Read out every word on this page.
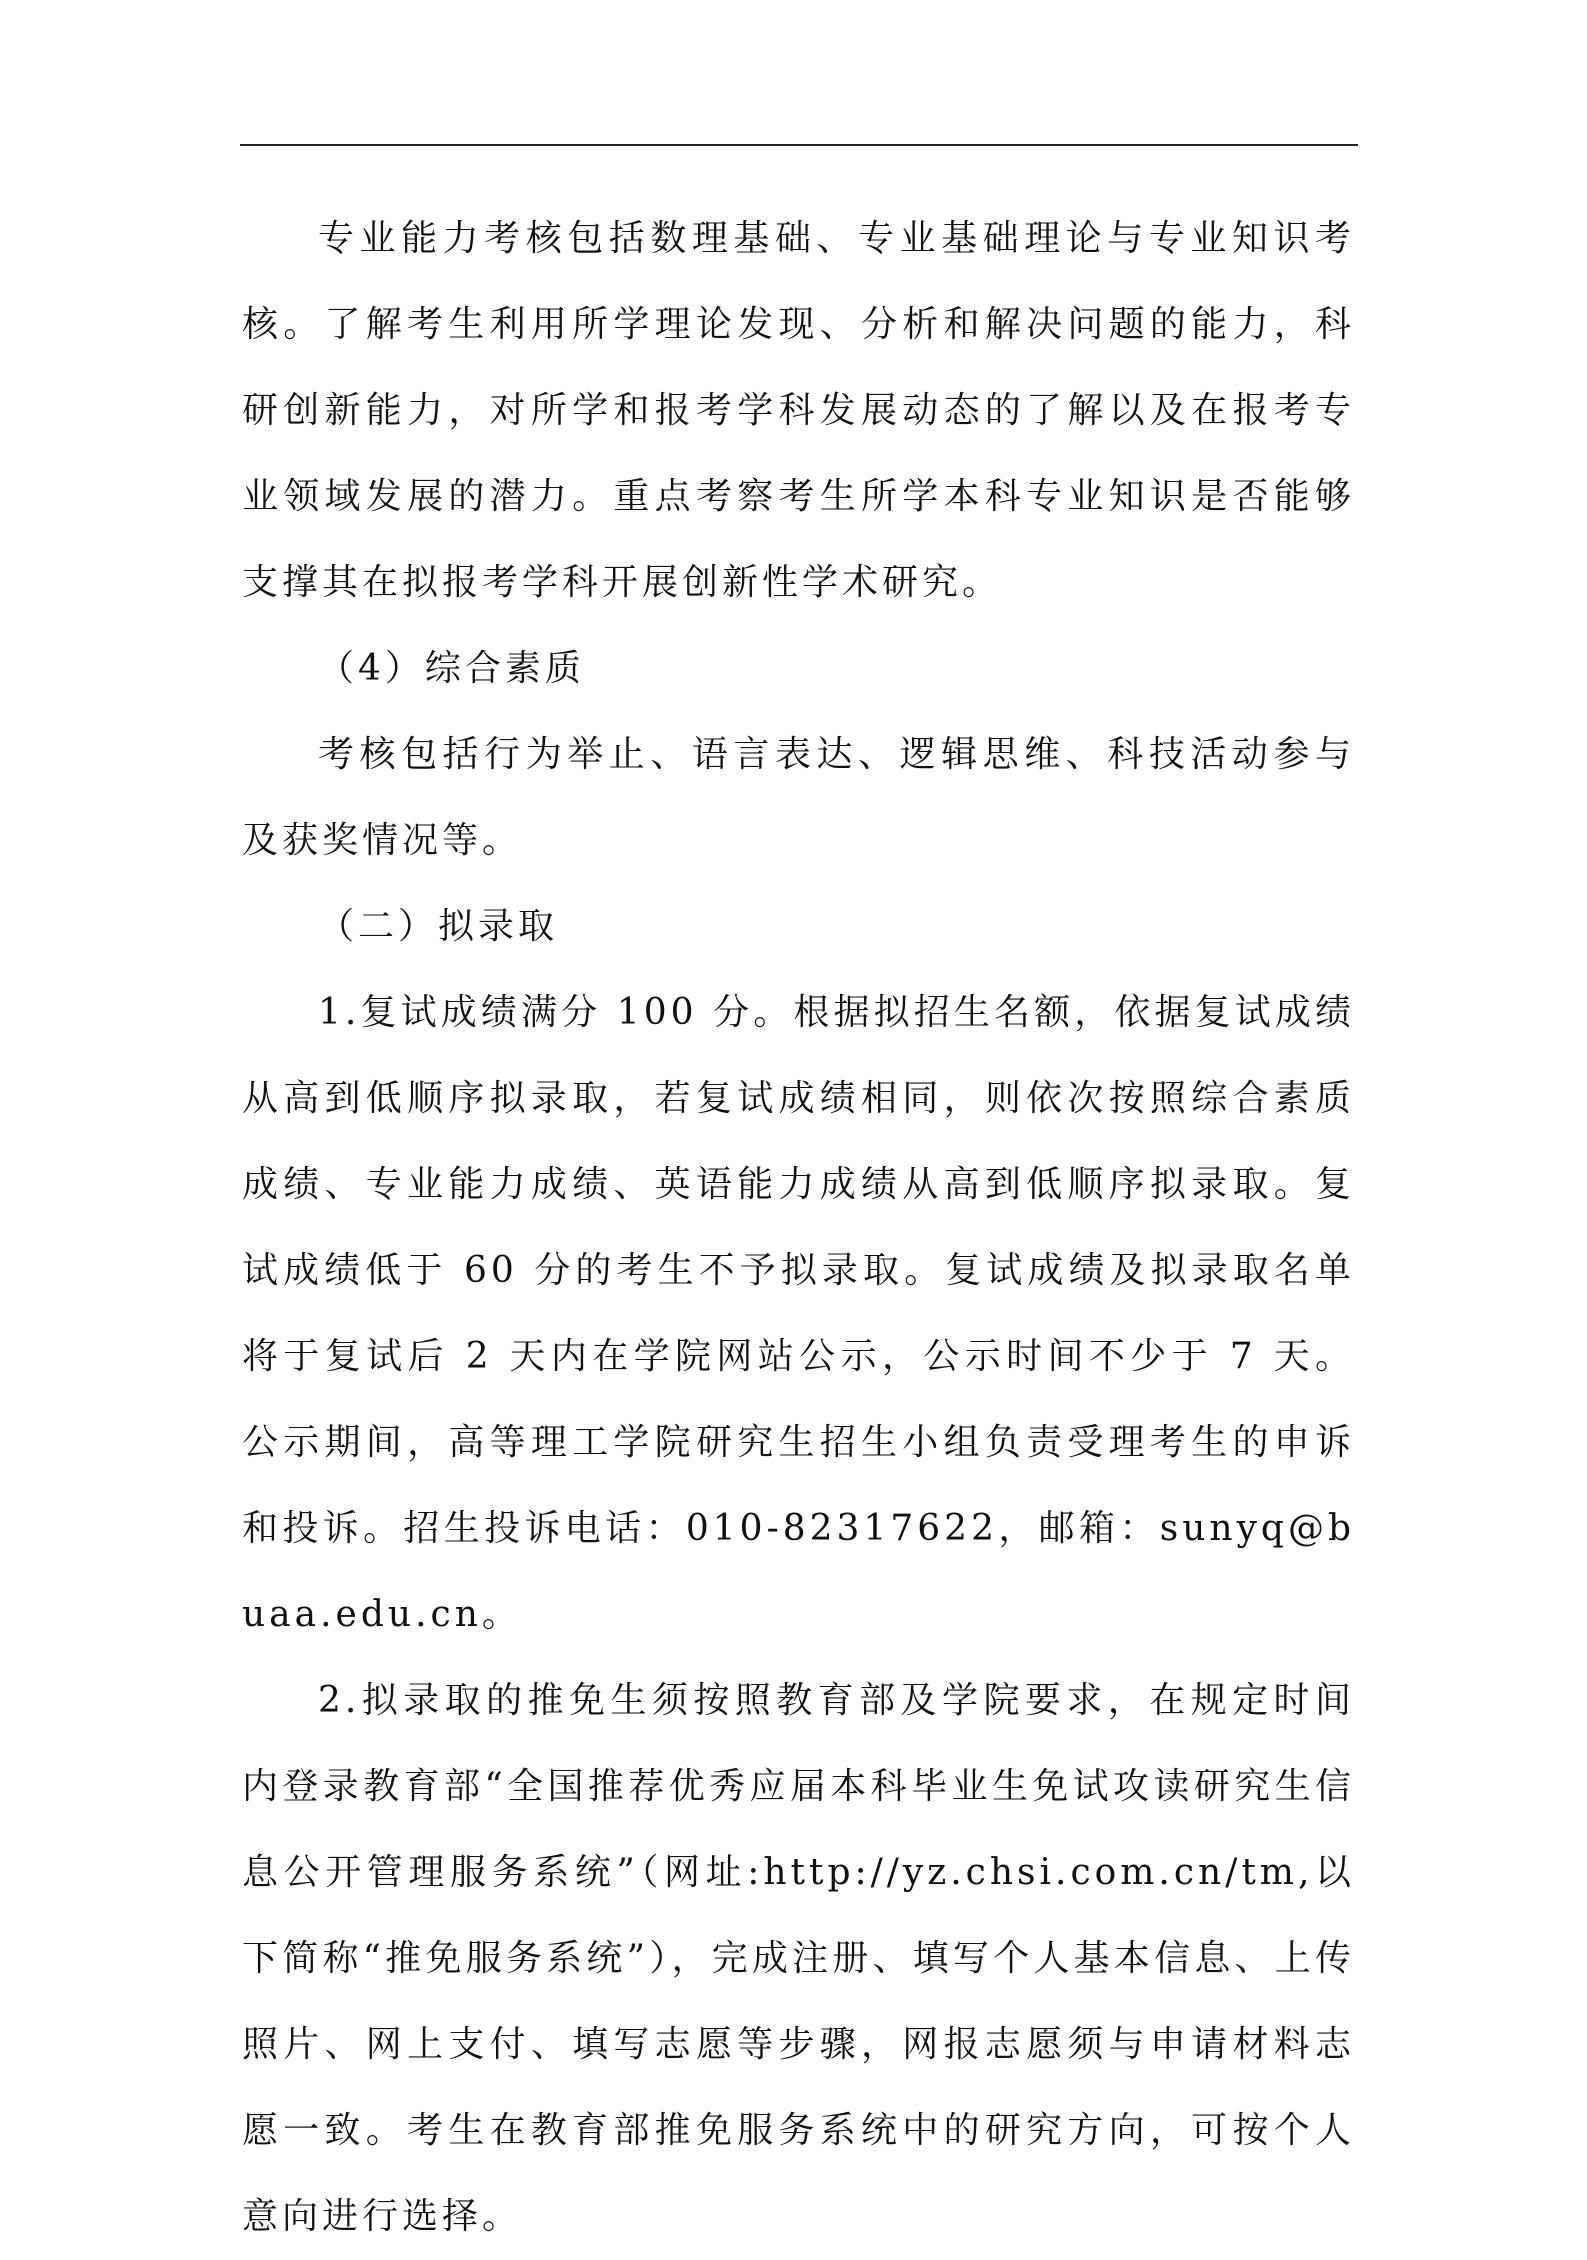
专业能力考核包括数理基础、专业基础理论与专业知识考核。了解考生利用所学理论发现、分析和解决问题的能力，科研创新能力，对所学和报考学科发展动态的了解以及在报考专业领域发展的潜力。重点考察考生所学本科专业知识是否能够支撑其在拟报考学科开展创新性学术研究。

（4）综合素质

考核包括行为举止、语言表达、逻辑思维、科技活动参与及获奖情况等。

（二）拟录取

1.复试成绩满分 100 分。根据拟招生名额，依据复试成绩从高到低顺序拟录取，若复试成绩相同，则依次按照综合素质成绩、专业能力成绩、英语能力成绩从高到低顺序拟录取。复试成绩低于 60 分的考生不予拟录取。复试成绩及拟录取名单将于复试后 2 天内在学院网站公示，公示时间不少于 7 天。公示期间，高等理工学院研究生招生小组负责受理考生的申诉和投诉。招生投诉电话：010-82317622，邮箱：sunyq@buaa.edu.cn。

2.拟录取的推免生须按照教育部及学院要求，在规定时间内登录教育部“全国推荐优秀应届本科毕业生免试攻读研究生信息公开管理服务系统”（网址:http://yz.chsi.com.cn/tm,以下简称“推免服务系统”），完成注册、填写个人基本信息、上传照片、网上支付、填写志愿等步骤，网报志愿须与申请材料志愿一致。考生在教育部推免服务系统中的研究方向，可按个人意向进行选择。
